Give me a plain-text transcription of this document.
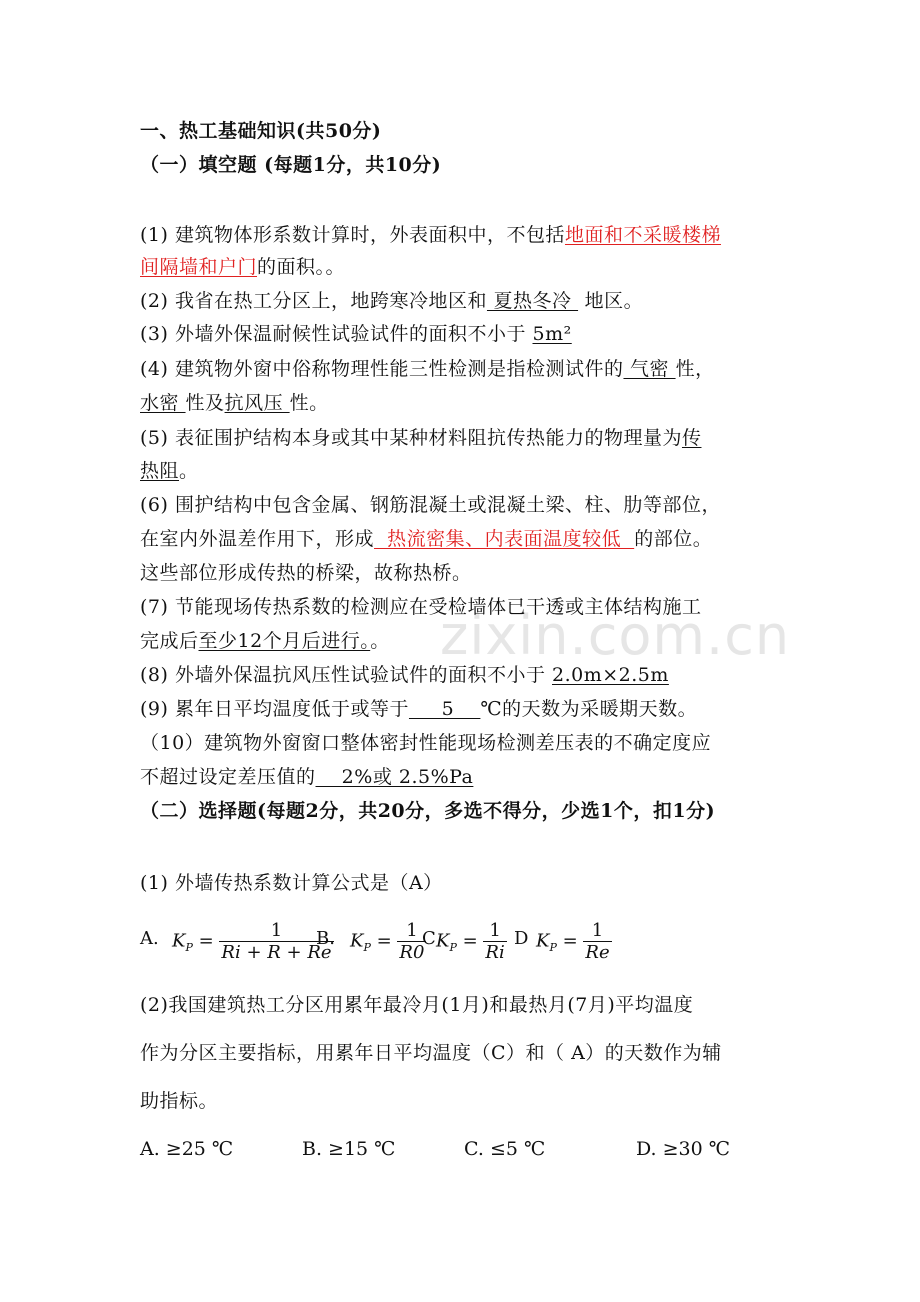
zixin.com.cn
一、热工基础知识(共50分)
（一）填空题 (每题1分，共10分)
(1) 建筑物体形系数计算时，外表面积中，不包括地面和不采暖楼梯
间隔墙和户门的面积。。
(2) 我省在热工分区上，地跨寒冷地区和 夏热冬冷  地区。
(3) 外墙外保温耐候性试验试件的面积不小于 5m²
(4) 建筑物外窗中俗称物理性能三性检测是指检测试件的 气密 性，
水密 性及抗风压 性。
(5) 表征围护结构本身或其中某种材料阻抗传热能力的物理量为传
热阻。
(6) 围护结构中包含金属、钢筋混凝土或混凝土梁、柱、肋等部位，
在室内外温差作用下，形成  热流密集、内表面温度较低  的部位。
这些部位形成传热的桥梁，故称热桥。
(7) 节能现场传热系数的检测应在受检墙体已干透或主体结构施工
完成后至少12个月后进行。。
(8) 外墙外保温抗风压性试验试件的面积不小于 2.0m×2.5m
(9) 累年日平均温度低于或等于     5    ℃的天数为采暖期天数。
（10）建筑物外窗窗口整体密封性能现场检测差压表的不确定度应
不超过设定差压值的    2%或 2.5%Pa
（二）选择题(每题2分，共20分，多选不得分，少选1个，扣1分)
(1) 外墙传热系数计算公式是（A）
A. $K_P = \frac{1}{Ri + R + Re}$
B. $K_P = \frac{1}{R0}$
C $K_P = \frac{1}{Ri}$ D $K_P = \frac{1}{Re}$
(2)我国建筑热工分区用累年最冷月(1月)和最热月(7月)平均温度
作为分区主要指标，用累年日平均温度（C）和（ A）的天数作为辅
助指标。
A. ≥25 ℃	B. ≥15 ℃	C. ≤5 ℃	D. ≥30 ℃
